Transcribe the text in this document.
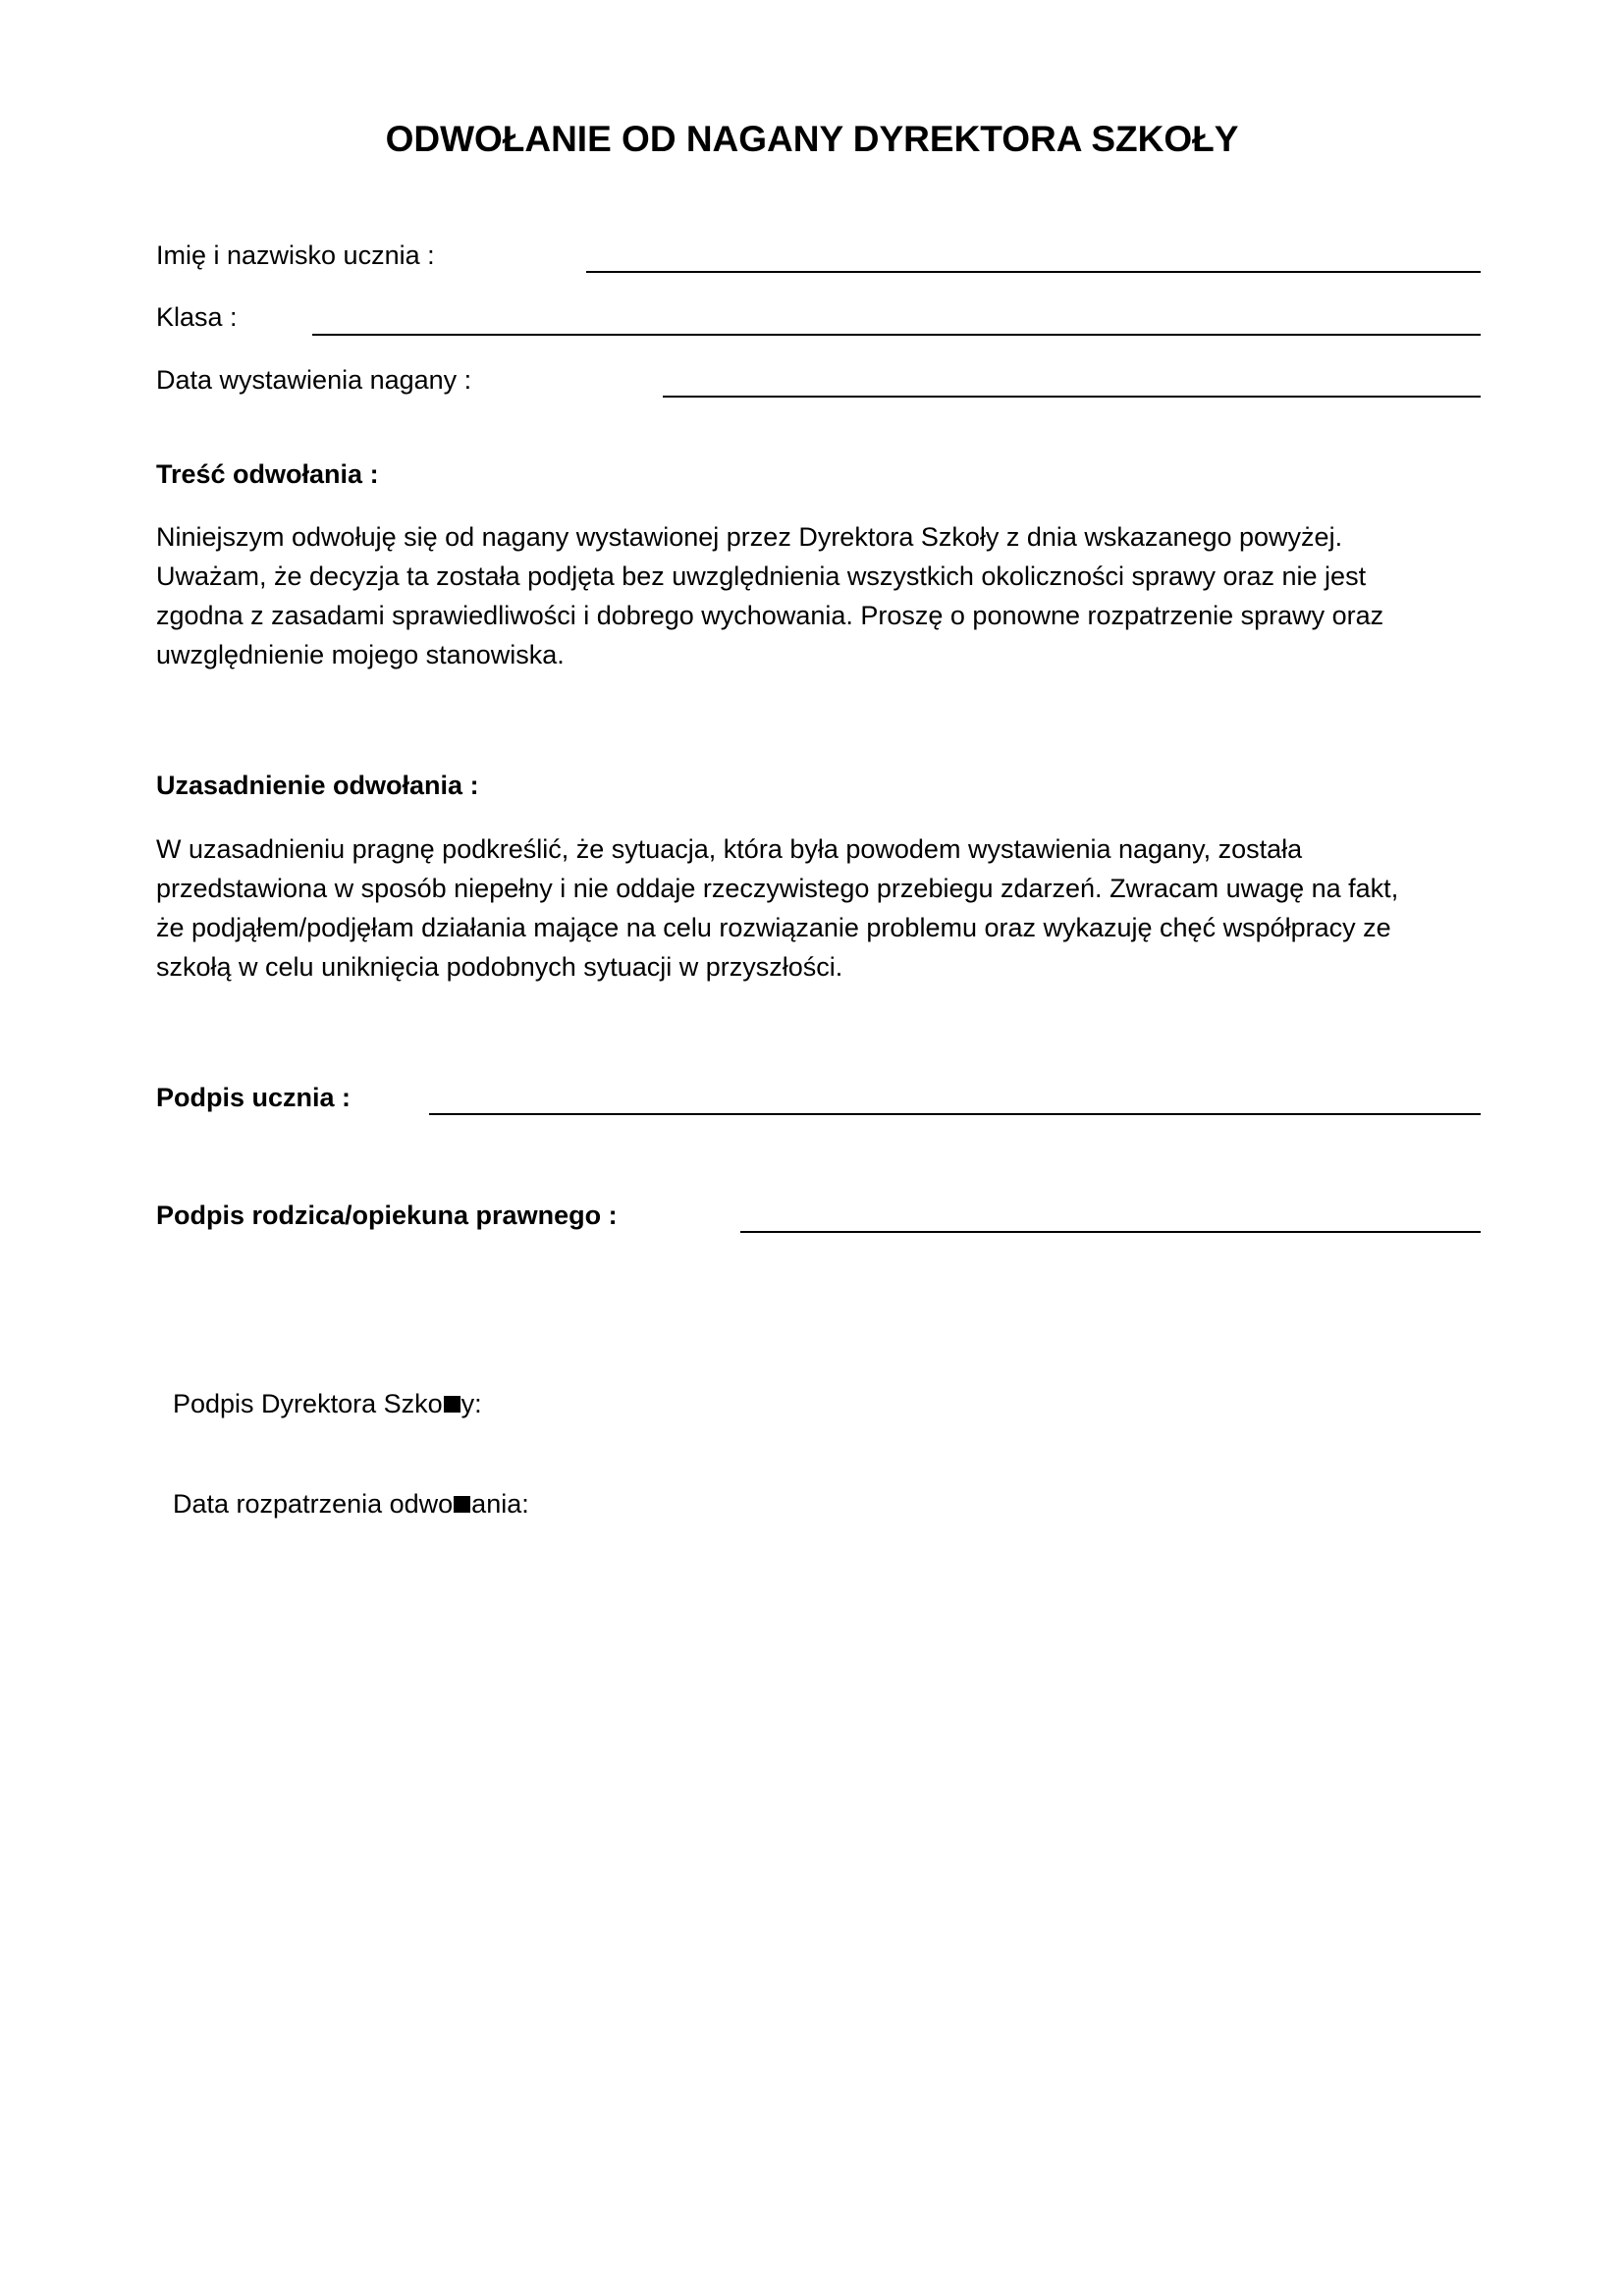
ODWOŁANIE OD NAGANY DYREKTORA SZKOŁY
Imię i nazwisko ucznia :
Klasa :
Data wystawienia nagany :
Treść odwołania :
Niniejszym odwołuję się od nagany wystawionej przez Dyrektora Szkoły z dnia wskazanego powyżej.
Uważam, że decyzja ta została podjęta bez uwzględnienia wszystkich okoliczności sprawy oraz nie jest
zgodna z zasadami sprawiedliwości i dobrego wychowania. Proszę o ponowne rozpatrzenie sprawy oraz
uwzględnienie mojego stanowiska.
Uzasadnienie odwołania :
W uzasadnieniu pragnę podkreślić, że sytuacja, która była powodem wystawienia nagany, została
przedstawiona w sposób niepełny i nie oddaje rzeczywistego przebiegu zdarzeń. Zwracam uwagę na fakt,
że podjąłem/podjęłam działania mające na celu rozwiązanie problemu oraz wykazuję chęć współpracy ze
szkołą w celu uniknięcia podobnych sytuacji w przyszłości.
Podpis ucznia :
Podpis rodzica/opiekuna prawnego :
Podpis Dyrektora Szko y:
Data rozpatrzenia odwo ania:
